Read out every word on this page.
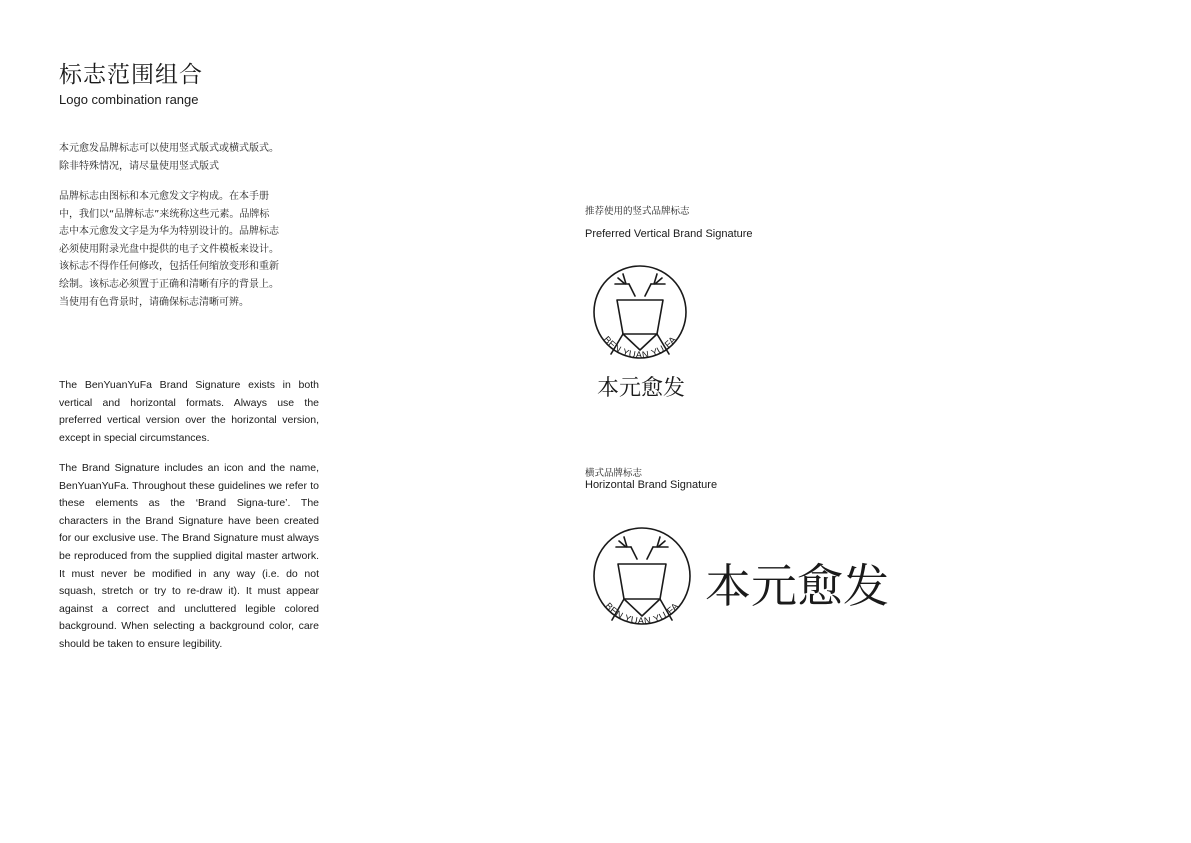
标志范围组合
Logo combination range

本元愈发品牌标志可以使用竖式版式或横式版式。

除非特殊情况，请尽量使用竖式版式

品牌标志由图标和本元愈发文字构成。在本手册

中，我们以“品牌标志”来统称这些元素。品牌标

志中本元愈发文字是为华为特别设计的。品牌标志

必须使用附录光盘中提供的电子文件模板来设计。

该标志不得作任何修改，包括任何缩放变形和重新

绘制。该标志必须置于正确和清晰有序的背景上。

当使用有色背景时，请确保标志清晰可辨。

The BenYuanYuFa Brand Signature exists in both vertical and horizontal formats. Always use the preferred vertical version over the horizontal version, except in special circumstances.

The Brand Signature includes an icon and the name, BenYuanYuFa. Throughout these guidelines we refer to these elements as the ‘Brand Signa-ture’. The characters in the Brand Signature have been created for our exclusive use. The Brand Signature must always be reproduced from the supplied digital master artwork. It must never be modified in any way (i.e. do not squash, stretch or try to re-draw it). It must appear against a correct and uncluttered legible colored background. When selecting a background color, care should be taken to ensure legibility.

推荐使用的竖式品牌标志
Preferred Vertical Brand Signature
BEN YUAN YU FA
本元愈发
横式品牌标志
Horizontal Brand Signature
BEN YUAN YU FA 本元愈发
